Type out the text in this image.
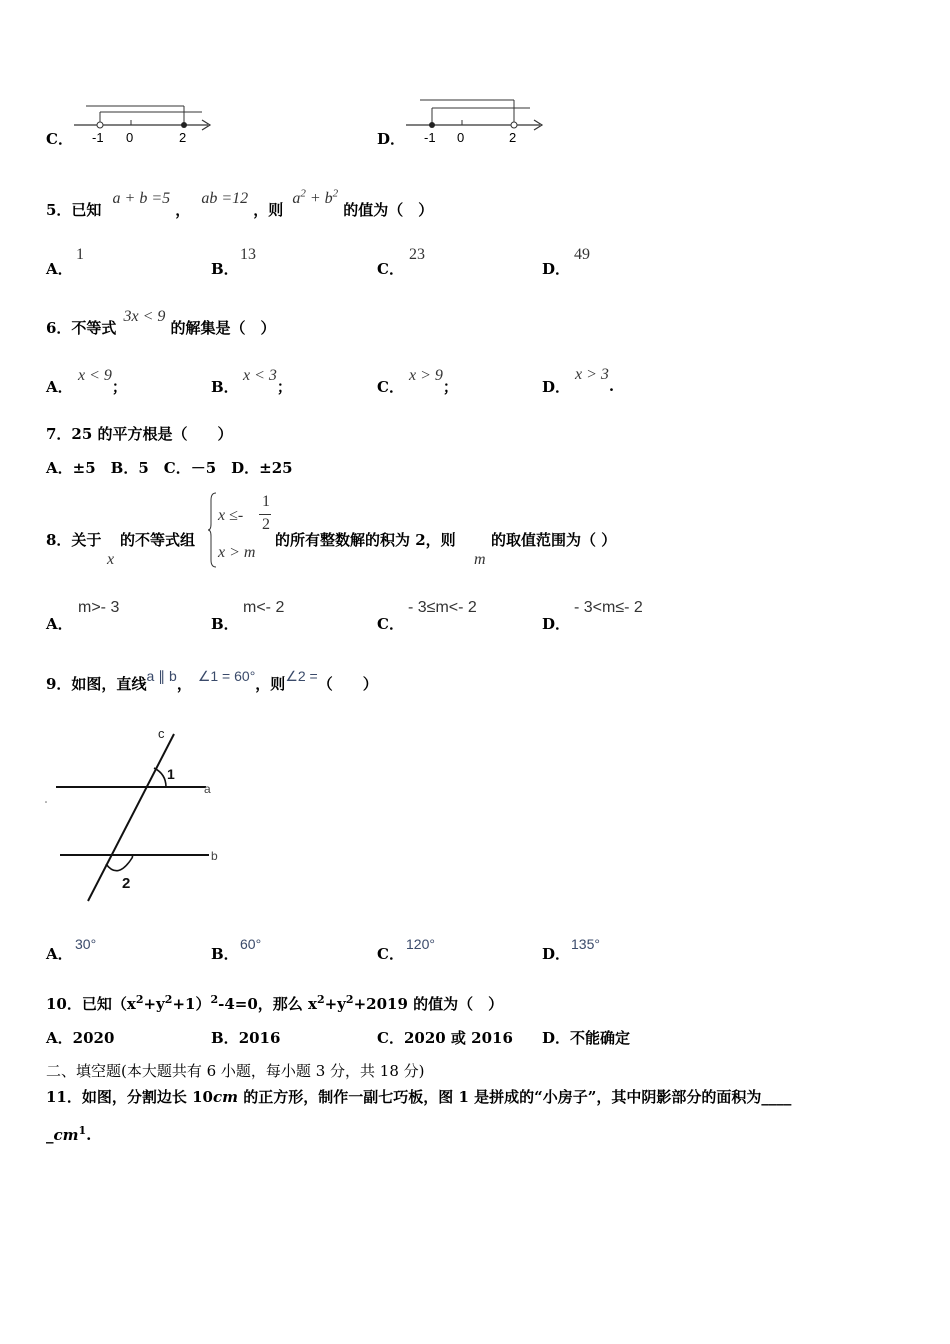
C． -1 0	2	D． -1 0	2
5．已知 a + b =5 ， ab =12 ，则 $a^2 + b^2$ 的值为（　）
A．
1
B．
13
C．
23
D．
49
6．不等式 3x < 9 的解集是（　）
A．
x < 9；	B．
x < 3；	C．
x > 9；	D．
x > 3.
7．25 的平方根是（　　）
A．±5　B．5　C．－5　D．±25
8．关于
x
的不等式组
x ≤-
1
2
x > m
的所有整数解的积为 2，则
m
的取值范围为（ ）
A．
m>- 3
B．
m<- 2
C．
- 3≤m<- 2
D．
- 3<m≤- 2
9．如图，直线a ∥ b， ∠1 = 60°，则∠2 =（　　）
c
a
b
1
2
A．
30°
B．
60°
C．
120°
D．
135°
10．已知$(x^2+y^2+1)^2-4=0$，那么 $x^2+y^2+2019$ 的值为（　）
A．2020	B．2016	C．2020 或 2016 D．不能确定
二、填空题(本大题共有 6 小题，每小题 3 分，共 18 分)
11．如图，分割边长 10cm 的正方形，制作一副七巧板，图 1 是拼成的“小房子”，其中阴影部分的面积为____
$\_cm^1$.
